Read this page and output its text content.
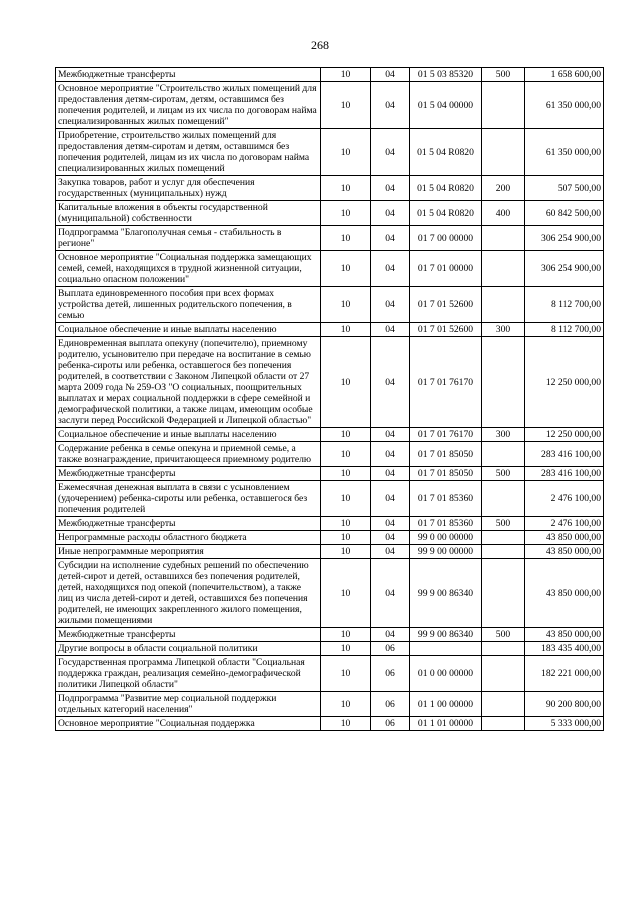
268
Межбюджетные трансферты	10	04	01 5 03 85320	500	1 658 600,00
Основное мероприятие "Строительство жилых помещений для предоставления детям-сиротам, детям, оставшимся без попечения родителей, и лицам из их числа по договорам найма специализированных жилых помещений"	10	04	01 5 04 00000		61 350 000,00
Приобретение, строительство жилых помещений для предоставления детям-сиротам и детям, оставшимся без попечения родителей, лицам из их числа по договорам найма специализированных жилых помещений	10	04	01 5 04 R0820		61 350 000,00
Закупка товаров, работ и услуг для обеспечения государственных (муниципальных) нужд	10	04	01 5 04 R0820	200	507 500,00
Капитальные вложения в объекты государственной (муниципальной) собственности	10	04	01 5 04 R0820	400	60 842 500,00
Подпрограмма "Благополучная семья - стабильность в регионе"	10	04	01 7 00 00000		306 254 900,00
Основное мероприятие "Социальная поддержка замещающих семей, семей, находящихся в трудной жизненной ситуации, социально опасном положении"	10	04	01 7 01 00000		306 254 900,00
Выплата единовременного пособия при всех формах устройства детей, лишенных родительского попечения, в семью	10	04	01 7 01 52600		8 112 700,00
Социальное обеспечение и иные выплаты населению	10	04	01 7 01 52600	300	8 112 700,00
Единовременная выплата опекуну (попечителю), приемному родителю, усыновителю при передаче на воспитание в семью ребенка-сироты или ребенка, оставшегося без попечения родителей, в соответствии с Законом Липецкой области от 27 марта 2009 года № 259-ОЗ "О социальных, поощрительных выплатах и мерах социальной поддержки в сфере семейной и демографической политики, а также лицам, имеющим особые заслуги перед Российской Федерацией и Липецкой областью"	10	04	01 7 01 76170		12 250 000,00
Социальное обеспечение и иные выплаты населению	10	04	01 7 01 76170	300	12 250 000,00
Содержание ребенка в семье опекуна и приемной семье, а также вознаграждение, причитающееся приемному родителю	10	04	01 7 01 85050		283 416 100,00
Межбюджетные трансферты	10	04	01 7 01 85050	500	283 416 100,00
Ежемесячная денежная выплата в связи с усыновлением (удочерением) ребенка-сироты или ребенка, оставшегося без попечения родителей	10	04	01 7 01 85360		2 476 100,00
Межбюджетные трансферты	10	04	01 7 01 85360	500	2 476 100,00
Непрограммные расходы областного бюджета	10	04	99 0 00 00000		43 850 000,00
Иные непрограммные мероприятия	10	04	99 9 00 00000		43 850 000,00
Субсидии на исполнение судебных решений по обеспечению детей-сирот и детей, оставшихся без попечения родителей, детей, находящихся под опекой (попечительством), а также лиц из числа детей-сирот и детей, оставшихся без попечения родителей, не имеющих закрепленного жилого помещения, жилыми помещениями	10	04	99 9 00 86340		43 850 000,00
Межбюджетные трансферты	10	04	99 9 00 86340	500	43 850 000,00
Другие вопросы в области социальной политики	10	06			183 435 400,00
Государственная программа Липецкой области "Социальная поддержка граждан, реализация семейно-демографической политики Липецкой области"	10	06	01 0 00 00000		182 221 000,00
Подпрограмма "Развитие мер социальной поддержки отдельных категорий населения"	10	06	01 1 00 00000		90 200 800,00
Основное мероприятие "Социальная поддержка	10	06	01 1 01 00000		5 333 000,00
